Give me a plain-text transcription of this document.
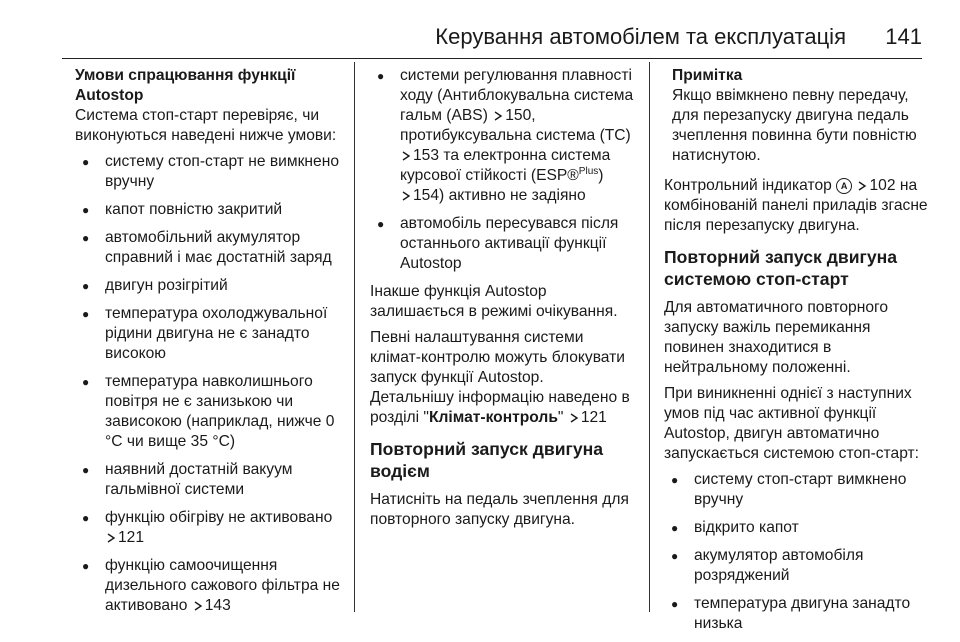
Керування автомобілем та експлуатація 141
Умови спрацювання функції Autostop

Система стоп-старт перевіряє, чи виконуються наведені нижче умови:

● систему стоп-старт не вимкнено вручну
● капот повністю закритий
● автомобільний акумулятор справний і має достатній заряд
● двигун розігрітий
● температура охолоджувальної рідини двигуна не є занадто високою
● температура навколишнього повітря не є занизькою чи зависокою (наприклад, нижче 0 °C чи вище 35 °C)
● наявний достатній вакуум гальмівної системи
● функцію обігріву не активовано 121
● функцію самоочищення дизельного сажового фільтра не активовано 143
● системи регулювання плавності ходу (Антиблокувальна система гальм (ABS) 150, протибуксувальна система (TC) 153 та електронна система курсової стійкості (ESP®$^{Plus}$) 154) активно не задіяно
● автомобіль пересувався після останнього активації функції Autostop

Інакше функція Autostop залишається в режимі очікування.

Певні налаштування системи клімат-контролю можуть блокувати запуск функції Autostop.

Детальнішу інформацію наведено в розділі "Клімат-контроль" 121

Повторний запуск двигуна водієм

Натисніть на педаль зчеплення для повторного запуску двигуна.

Примітка
Якщо ввімкнено певну передачу, для перезапуску двигуна педаль зчеплення повинна бути повністю натиснутою.

Контрольний індикатор A 102 на комбінованій панелі приладів згасне після перезапуску двигуна.

Повторний запуск двигуна системою стоп-старт

Для автоматичного повторного запуску важіль перемикання повинен знаходитися в нейтральному положенні.

При виникненні однієї з наступних умов під час активної функції Autostop, двигун автоматично запускається системою стоп-старт:

● систему стоп-старт вимкнено вручну
● відкрито капот
● акумулятор автомобіля розряджений
● температура двигуна занадто низька
